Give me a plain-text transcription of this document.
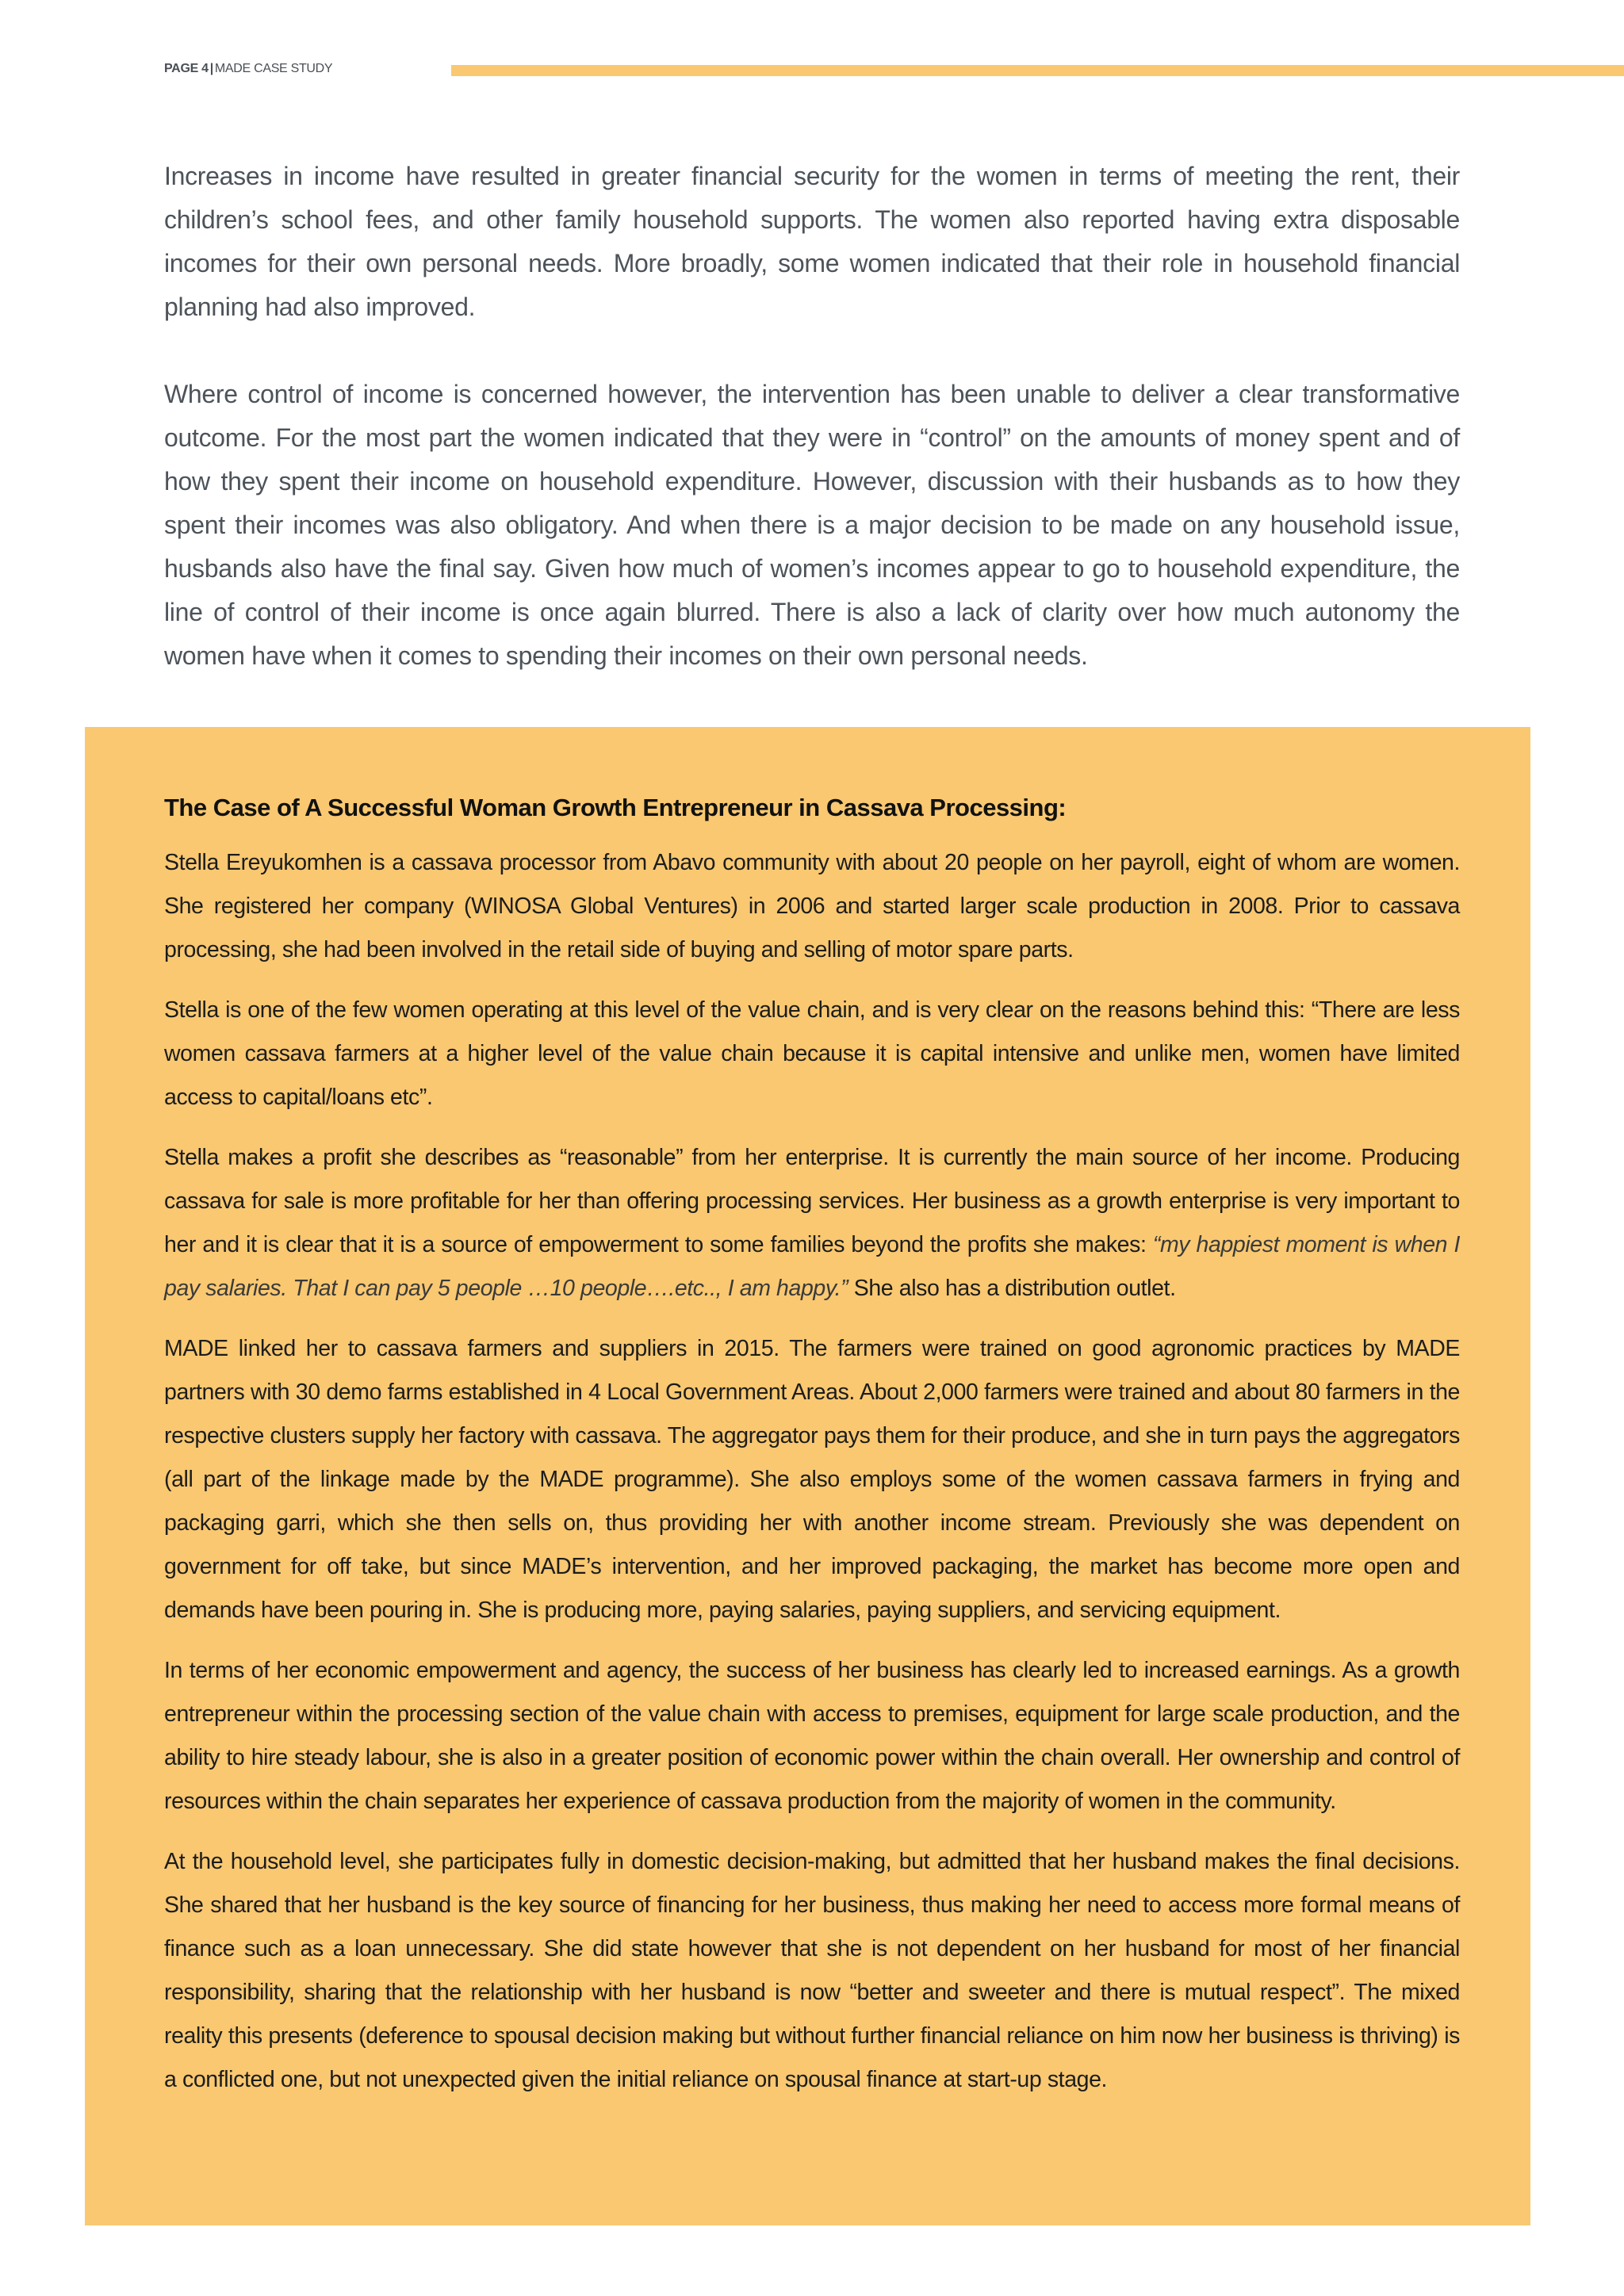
PAGE 4 | MADE CASE STUDY

Increases in income have resulted in greater financial security for the women in terms of meeting the rent, their children’s school fees, and other family household supports. The women also reported having extra disposable incomes for their own personal needs. More broadly, some women indicated that their role in household financial planning had also improved.

Where control of income is concerned however, the intervention has been unable to deliver a clear transformative outcome. For the most part the women indicated that they were in “control” on the amounts of money spent and of how they spent their income on household expenditure. However, discussion with their husbands as to how they spent their incomes was also obligatory. And when there is a major decision to be made on any household issue, husbands also have the final say. Given how much of women’s incomes appear to go to household expenditure, the line of control of their income is once again blurred. There is also a lack of clarity over how much autonomy the women have when it comes to spending their incomes on their own personal needs.

The Case of A Successful Woman Growth Entrepreneur in Cassava Processing:

Stella Ereyukomhen is a cassava processor from Abavo community with about 20 people on her payroll, eight of whom are women. She registered her company (WINOSA Global Ventures) in 2006 and started larger scale production in 2008. Prior to cassava processing, she had been involved in the retail side of buying and selling of motor spare parts.

Stella is one of the few women operating at this level of the value chain, and is very clear on the reasons behind this: “There are less women cassava farmers at a higher level of the value chain because it is capital intensive and unlike men, women have limited access to capital/loans etc”.

Stella makes a profit she describes as “reasonable” from her enterprise. It is currently the main source of her income. Producing cassava for sale is more profitable for her than offering processing services. Her business as a growth enterprise is very important to her and it is clear that it is a source of empowerment to some families beyond the profits she makes: “my happiest moment is when I pay salaries. That I can pay 5 people …10 people….etc.., I am happy.” She also has a distribution outlet.

MADE linked her to cassava farmers and suppliers in 2015. The farmers were trained on good agronomic practices by MADE partners with 30 demo farms established in 4 Local Government Areas. About 2,000 farmers were trained and about 80 farmers in the respective clusters supply her factory with cassava. The aggregator pays them for their produce, and she in turn pays the aggregators (all part of the linkage made by the MADE programme). She also employs some of the women cassava farmers in frying and packaging garri, which she then sells on, thus providing her with another income stream. Previously she was dependent on government for off take, but since MADE’s intervention, and her improved packaging, the market has become more open and demands have been pouring in. She is producing more, paying salaries, paying suppliers, and servicing equipment.

In terms of her economic empowerment and agency, the success of her business has clearly led to increased earnings. As a growth entrepreneur within the processing section of the value chain with access to premises, equipment for large scale production, and the ability to hire steady labour, she is also in a greater position of economic power within the chain overall. Her ownership and control of resources within the chain separates her experience of cassava production from the majority of women in the community.

At the household level, she participates fully in domestic decision-making, but admitted that her husband makes the final decisions. She shared that her husband is the key source of financing for her business, thus making her need to access more formal means of finance such as a loan unnecessary. She did state however that she is not dependent on her husband for most of her financial responsibility, sharing that the relationship with her husband is now “better and sweeter and there is mutual respect”. The mixed reality this presents (deference to spousal decision making but without further financial reliance on him now her business is thriving) is a conflicted one, but not unexpected given the initial reliance on spousal finance at start-up stage.
